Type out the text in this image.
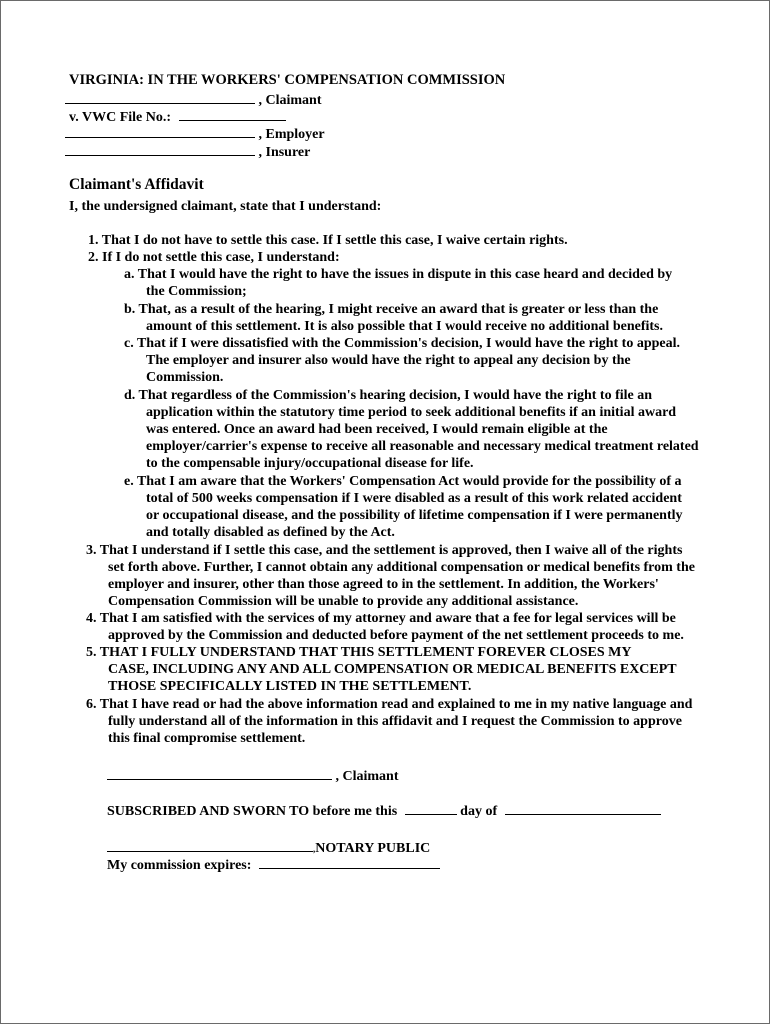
VIRGINIA: IN THE WORKERS' COMPENSATION COMMISSION
, Claimant
v. VWC File No.:
, Employer
, Insurer
Claimant's Affidavit
I, the undersigned claimant, state that I understand:
1. That I do not have to settle this case. If I settle this case, I waive certain rights.
2. If I do not settle this case, I understand:
a. That I would have the right to have the issues in dispute in this case heard and decided by
the Commission;
b. That, as a result of the hearing, I might receive an award that is greater or less than the
amount of this settlement. It is also possible that I would receive no additional benefits.
c. That if I were dissatisfied with the Commission's decision, I would have the right to appeal.
The employer and insurer also would have the right to appeal any decision by the
Commission.
d. That regardless of the Commission's hearing decision, I would have the right to file an
application within the statutory time period to seek additional benefits if an initial award
was entered. Once an award had been received, I would remain eligible at the
employer/carrier's expense to receive all reasonable and necessary medical treatment related
to the compensable injury/occupational disease for life.
e. That I am aware that the Workers' Compensation Act would provide for the possibility of a
total of 500 weeks compensation if I were disabled as a result of this work related accident
or occupational disease, and the possibility of lifetime compensation if I were permanently
and totally disabled as defined by the Act.
3. That I understand if I settle this case, and the settlement is approved, then I waive all of the rights
set forth above. Further, I cannot obtain any additional compensation or medical benefits from the
employer and insurer, other than those agreed to in the settlement. In addition, the Workers'
Compensation Commission will be unable to provide any additional assistance.
4. That I am satisfied with the services of my attorney and aware that a fee for legal services will be
approved by the Commission and deducted before payment of the net settlement proceeds to me.
5. THAT I FULLY UNDERSTAND THAT THIS SETTLEMENT FOREVER CLOSES MY
CASE, INCLUDING ANY AND ALL COMPENSATION OR MEDICAL BENEFITS EXCEPT
THOSE SPECIFICALLY LISTED IN THE SETTLEMENT.
6. That I have read or had the above information read and explained to me in my native language and
fully understand all of the information in this affidavit and I request the Commission to approve
this final compromise settlement.
, Claimant
SUBSCRIBED AND SWORN TO before me this	day of
,NOTARY PUBLIC
My commission expires:
